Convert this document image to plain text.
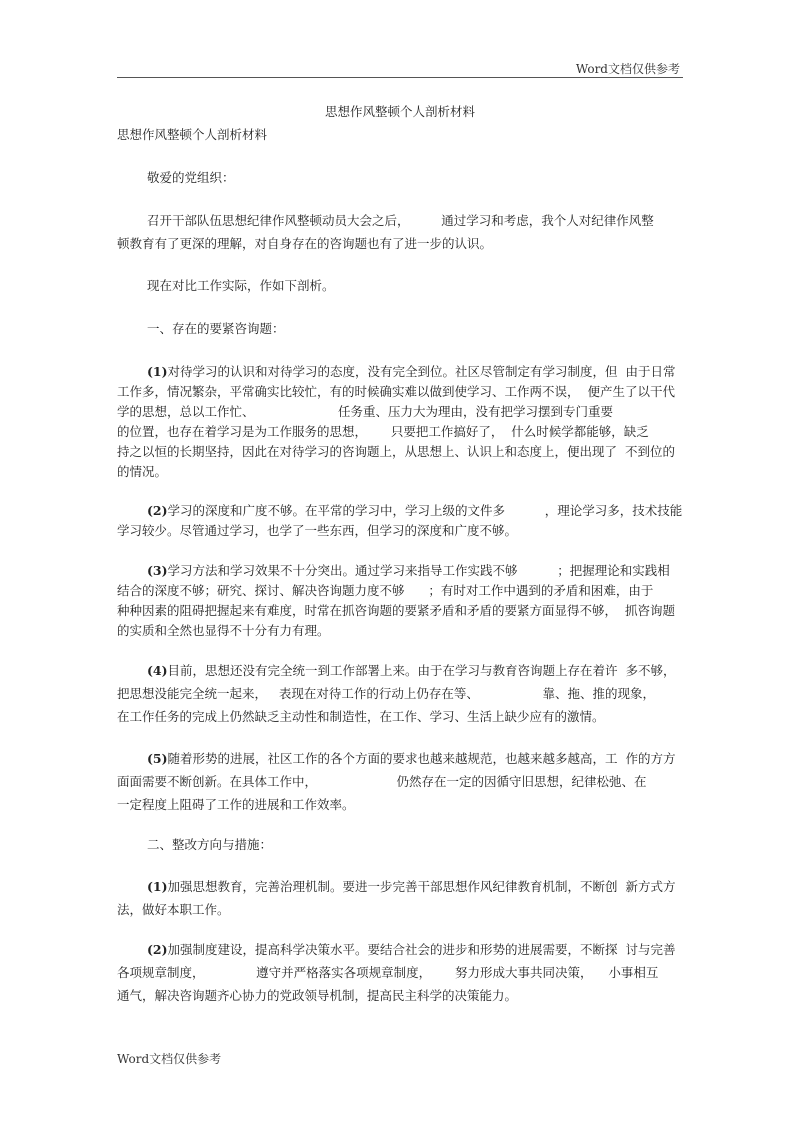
Word文档仅供参考
思想作风整顿个人剖析材料
思想作风整顿个人剖析材料
敬爱的党组织：
召开干部队伍思想纪律作风整顿动员大会之后，        通过学习和考虑，我个人对纪律作风整
顿教育有了更深的理解，对自身存在的咨询题也有了进一步的认识。
现在对比工作实际，作如下剖析。
一、存在的要紧咨询题：
(1)对待学习的认识和对待学习的态度，没有完全到位。社区尽管制定有学习制度，但  由于日常
工作多，情况繁杂，平常确实比较忙，有的时候确实难以做到使学习、工作两不误，  便产生了以干代
学的思想，总以工作忙、                     任务重、压力大为理由，没有把学习摆到专门重要
的位置，也存在着学习是为工作服务的思想，      只要把工作搞好了，  什么时候学都能够，缺乏
持之以恒的长期坚持，因此在对待学习的咨询题上，从思想上、认识上和态度上，便出现了  不到位的
的情况。
(2)学习的深度和广度不够。在平常的学习中，学习上级的文件多          ，理论学习多，技术技能
学习较少。尽管通过学习，也学了一些东西，但学习的深度和广度不够。
(3)学习方法和学习效果不十分突出。通过学习来指导工作实践不够          ；把握理论和实践相
结合的深度不够；研究、探讨、解决咨询题力度不够      ；有时对工作中遇到的矛盾和困难，由于
种种因素的阻碍把握起来有难度，时常在抓咨询题的要紧矛盾和矛盾的要紧方面显得不够，  抓咨询题
的实质和全然也显得不十分有力有理。
(4)目前，思想还没有完全统一到工作部署上来。由于在学习与教育咨询题上存在着许  多不够，
把思想没能完全统一起来，   表现在对待工作的行动上仍存在等、                靠、拖、推的现象，
在工作任务的完成上仍然缺乏主动性和制造性，在工作、学习、生活上缺少应有的激情。
(5)随着形势的进展，社区工作的各个方面的要求也越来越规范，也越来越多越高，工  作的方方
面面需要不断创新。在具体工作中，                    仍然存在一定的因循守旧思想，纪律松弛、在
一定程度上阻碍了工作的进展和工作效率。
二、整改方向与措施：
(1)加强思想教育，完善治理机制。要进一步完善干部思想作风纪律教育机制，不断创  新方式方
法，做好本职工作。
(2)加强制度建设，提高科学决策水平。要结合社会的进步和形势的进展需要，不断探  讨与完善
各项规章制度，             遵守并严格落实各项规章制度，      努力形成大事共同决策，    小事相互
通气，解决咨询题齐心协力的党政领导机制，提高民主科学的决策能力。
Word文档仅供参考
